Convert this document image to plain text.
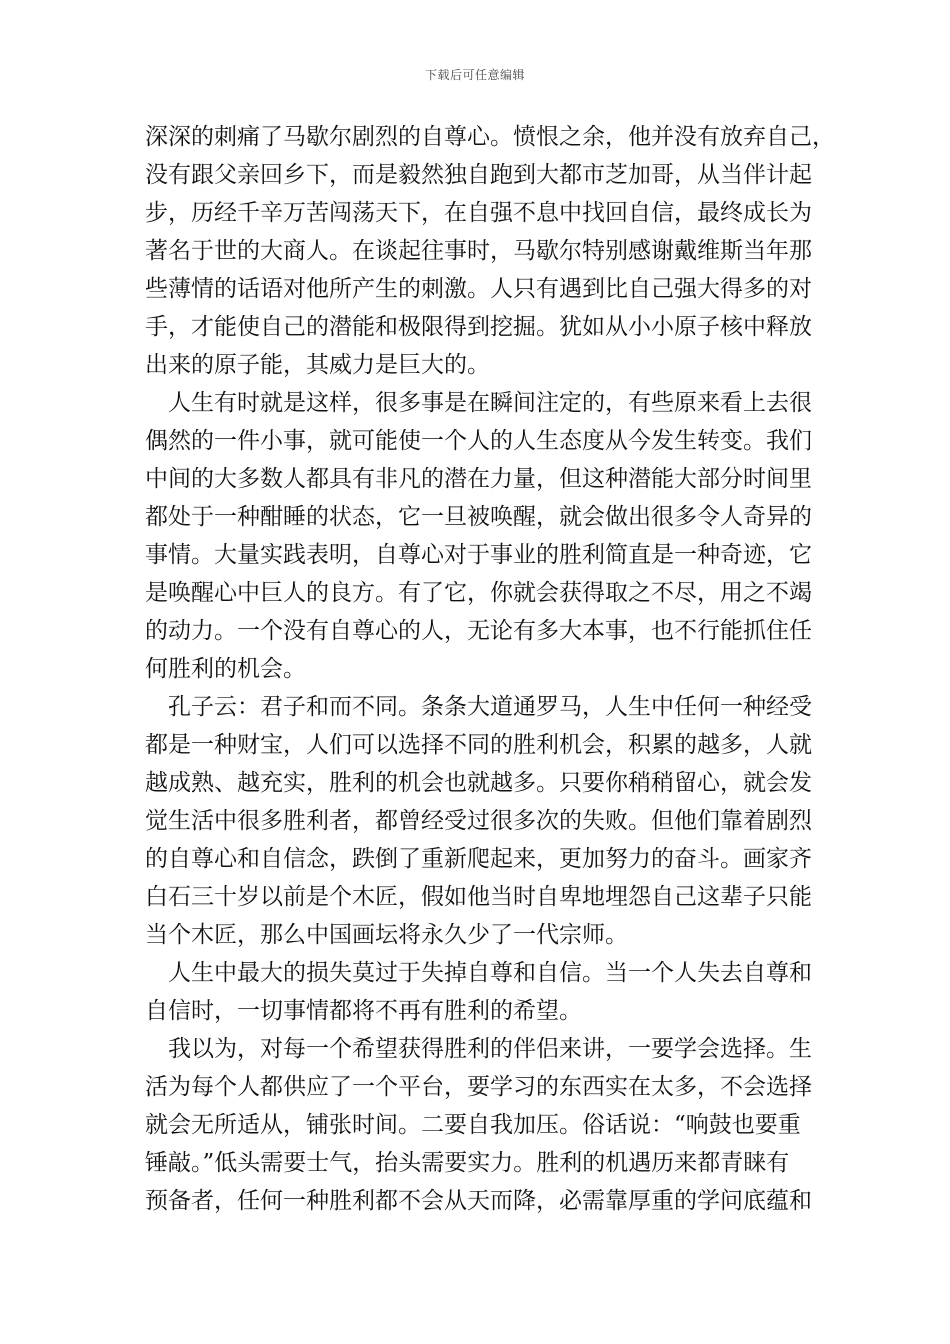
下载后可任意编辑
深深的刺痛了马歇尔剧烈的自尊心。愤恨之余，他并没有放弃自己，
没有跟父亲回乡下，而是毅然独自跑到大都市芝加哥，从当伴计起
步，历经千辛万苦闯荡天下，在自强不息中找回自信，最终成长为
著名于世的大商人。在谈起往事时，马歇尔特别感谢戴维斯当年那
些薄情的话语对他所产生的刺激。人只有遇到比自己强大得多的对
手，才能使自己的潜能和极限得到挖掘。犹如从小小原子核中释放
出来的原子能，其威力是巨大的。
人生有时就是这样，很多事是在瞬间注定的，有些原来看上去很
偶然的一件小事，就可能使一个人的人生态度从今发生转变。我们
中间的大多数人都具有非凡的潜在力量，但这种潜能大部分时间里
都处于一种酣睡的状态，它一旦被唤醒，就会做出很多令人奇异的
事情。大量实践表明，自尊心对于事业的胜利简直是一种奇迹，它
是唤醒心中巨人的良方。有了它，你就会获得取之不尽，用之不竭
的动力。一个没有自尊心的人，无论有多大本事，也不行能抓住任
何胜利的机会。
孔子云：君子和而不同。条条大道通罗马，人生中任何一种经受
都是一种财宝，人们可以选择不同的胜利机会，积累的越多，人就
越成熟、越充实，胜利的机会也就越多。只要你稍稍留心，就会发
觉生活中很多胜利者，都曾经受过很多次的失败。但他们靠着剧烈
的自尊心和自信念，跌倒了重新爬起来，更加努力的奋斗。画家齐
白石三十岁以前是个木匠，假如他当时自卑地埋怨自己这辈子只能
当个木匠，那么中国画坛将永久少了一代宗师。
人生中最大的损失莫过于失掉自尊和自信。当一个人失去自尊和
自信时，一切事情都将不再有胜利的希望。
我以为，对每一个希望获得胜利的伴侣来讲，一要学会选择。生
活为每个人都供应了一个平台，要学习的东西实在太多，不会选择
就会无所适从，铺张时间。二要自我加压。俗话说：“响鼓也要重
锤敲。”低头需要士气，抬头需要实力。胜利的机遇历来都青睐有
预备者，任何一种胜利都不会从天而降，必需靠厚重的学问底蕴和
